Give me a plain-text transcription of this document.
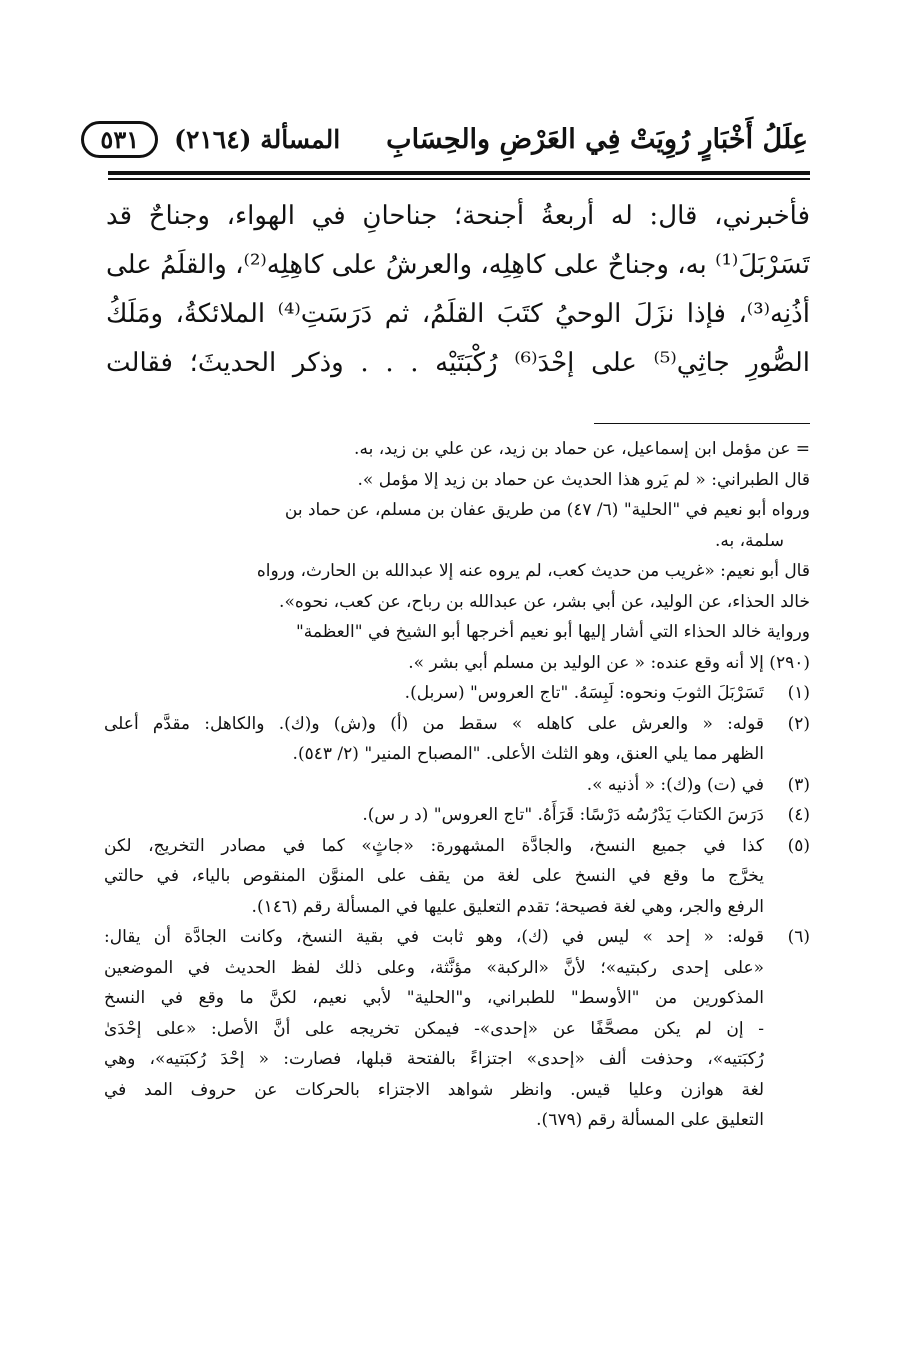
عِلَلُ أَخْبَارٍ رُوِيَتْ فِي العَرْضِ والحِسَابِ
المسألة (٢١٦٤)
٥٣١
فأخبرني، قال: له أربعةُ أجنحة؛ جناحانِ في الهواء، وجناحٌ قد
تَسَرْبَلَ⁽¹⁾ به، وجناحٌ على كاهِلِه، والعرشُ على كاهِلِه⁽²⁾، والقلَمُ على
أذُنِه⁽³⁾، فإذا نزَلَ الوحيُ كتَبَ القلَمُ، ثم دَرَسَتِ⁽⁴⁾ الملائكةُ، ومَلَكُ
الصُّورِ جاثِي⁽⁵⁾ على إحْدَ⁽⁶⁾ رُكْبَتَيْه . . . وذكر الحديثَ؛ فقالت
= عن مؤمل ابن إسماعيل، عن حماد بن زيد، عن علي بن زيد، به.
قال الطبراني: « لم يَرو هذا الحديث عن حماد بن زيد إلا مؤمل ».
ورواه أبو نعيم في "الحلية" (٦/ ٤٧) من طريق عفان بن مسلم، عن حماد بن
سلمة، به.
قال أبو نعيم: «غريب من حديث كعب، لم يروه عنه إلا عبدالله بن الحارث، ورواه
خالد الحذاء، عن الوليد، عن أبي بشر، عن عبدالله بن رباح، عن كعب، نحوه».
ورواية خالد الحذاء التي أشار إليها أبو نعيم أخرجها أبو الشيخ في "العظمة"
(٢٩٠) إلا أنه وقع عنده: « عن الوليد بن مسلم أبي بشر ».
(١)
تَسَرْبَلَ الثوبَ ونحوه: لَبِسَهُ. "تاج العروس" (سربل).
(٢)
قوله: « والعرش على كاهله » سقط من (أ) و(ش) و(ك). والكاهل: مقدَّم أعلى
الظهر مما يلي العنق، وهو الثلث الأعلى. "المصباح المنير" (٢/ ٥٤٣).
(٣)
في (ت) و(ك): « أذنيه ».
(٤)
دَرَسَ الكتابَ يَدْرُسُه دَرْسًا: قَرَأَهُ. "تاج العروس" (د ر س).
(٥)
كذا في جميع النسخ، والجادَّة المشهورة: «جاثٍ» كما في مصادر التخريج، لكن
يخرَّج ما وقع في النسخ على لغة من يقف على المنوَّن المنقوص بالياء، في حالتي
الرفع والجر، وهي لغة فصيحة؛ تقدم التعليق عليها في المسألة رقم (١٤٦).
(٦)
قوله: « إحد » ليس في (ك)، وهو ثابت في بقية النسخ، وكانت الجادَّة أن يقال:
«على إحدى ركبتيه»؛ لأنَّ «الركبة» مؤنَّثة، وعلى ذلك لفظ الحديث في الموضعين
المذكورين من "الأوسط" للطبراني، و"الحلية" لأبي نعيم، لكنَّ ما وقع في النسخ
- إن لم يكن مصحَّفًا عن «إحدى»- فيمكن تخريجه على أنَّ الأصل: «على إحْدَىٰ
رُكبَتيه»، وحذفت ألف «إحدى» اجتزاءً بالفتحة قبلها، فصارت: « إحْدَ رُكبَتيه»، وهي
لغة هوازن وعليا قيس. وانظر شواهد الاجتزاء بالحركات عن حروف المد في
التعليق على المسألة رقم (٦٧٩).
